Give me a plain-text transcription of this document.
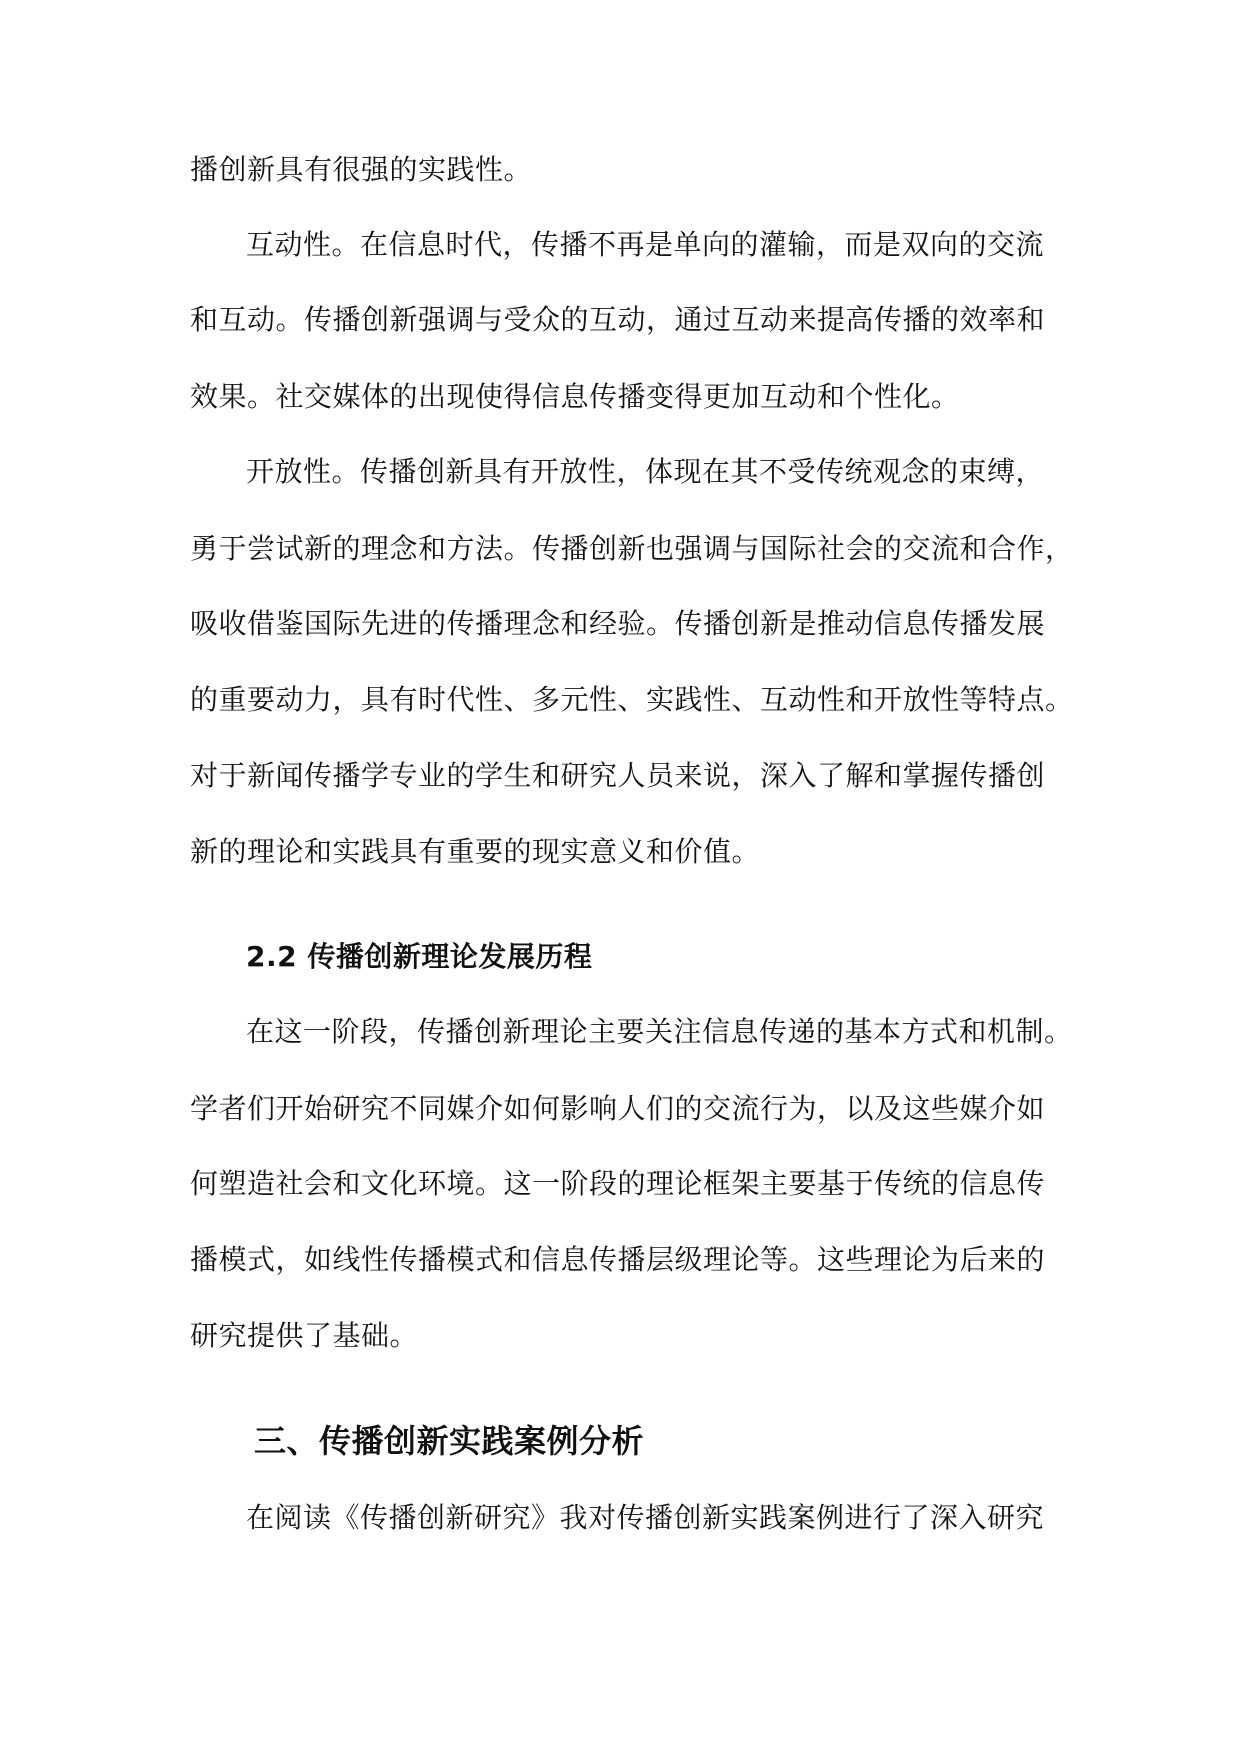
播创新具有很强的实践性。
互动性。在信息时代，传播不再是单向的灌输，而是双向的交流
和互动。传播创新强调与受众的互动，通过互动来提高传播的效率和
效果。社交媒体的出现使得信息传播变得更加互动和个性化。
开放性。传播创新具有开放性，体现在其不受传统观念的束缚，
勇于尝试新的理念和方法。传播创新也强调与国际社会的交流和合作，
吸收借鉴国际先进的传播理念和经验。传播创新是推动信息传播发展
的重要动力，具有时代性、多元性、实践性、互动性和开放性等特点。
对于新闻传播学专业的学生和研究人员来说，深入了解和掌握传播创
新的理论和实践具有重要的现实意义和价值。
2.2 传播创新理论发展历程
在这一阶段，传播创新理论主要关注信息传递的基本方式和机制。
学者们开始研究不同媒介如何影响人们的交流行为，以及这些媒介如
何塑造社会和文化环境。这一阶段的理论框架主要基于传统的信息传
播模式，如线性传播模式和信息传播层级理论等。这些理论为后来的
研究提供了基础。
三、传播创新实践案例分析
在阅读《传播创新研究》我对传播创新实践案例进行了深入研究
